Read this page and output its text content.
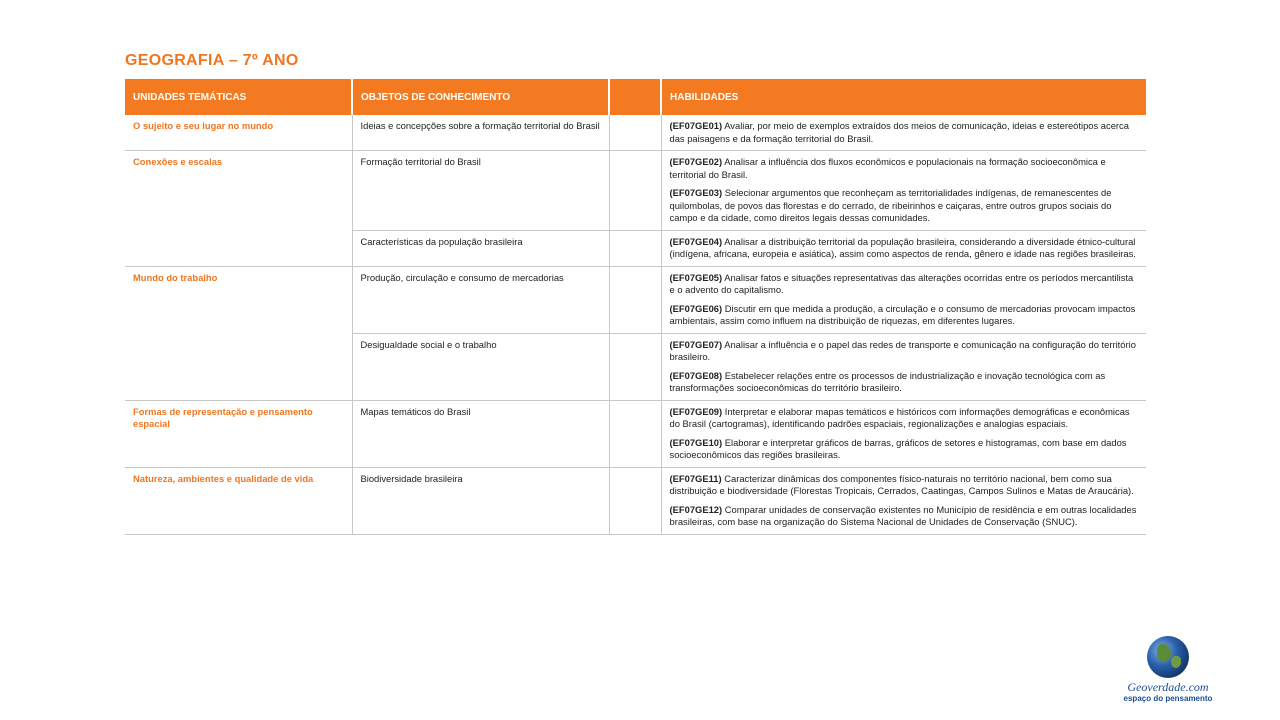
GEOGRAFIA – 7º ANO
UNIDADES TEMÁTICAS	OBJETOS DE CONHECIMENTO		HABILIDADES
O sujeito e seu lugar no mundo	Ideias e concepções sobre a formação territorial do Brasil		(EF07GE01) Avaliar, por meio de exemplos extraídos dos meios de comunicação, ideias e estereótipos acerca das paisagens e da formação territorial do Brasil.

Conexões e escalas	Formação territorial do Brasil		(EF07GE02) Analisar a influência dos fluxos econômicos e populacionais na formação socioeconômica e territorial do Brasil.
(EF07GE03) Selecionar argumentos que reconheçam as territorialidades indígenas, de remanescentes de quilombolas, de povos das florestas e do cerrado, de ribeirinhos e caiçaras, entre outros grupos sociais do campo e da cidade, como direitos legais dessas comunidades.

	Características da população brasileira		(EF07GE04) Analisar a distribuição territorial da população brasileira, considerando a diversidade étnico-cultural (indígena, africana, europeia e asiática), assim como aspectos de renda, gênero e idade nas regiões brasileiras.

Mundo do trabalho	Produção, circulação e consumo de mercadorias		(EF07GE05) Analisar fatos e situações representativas das alterações ocorridas entre os períodos mercantilista e o advento do capitalismo.
(EF07GE06) Discutir em que medida a produção, a circulação e o consumo de mercadorias provocam impactos ambientais, assim como influem na distribuição de riquezas, em diferentes lugares.

	Desigualdade social e o trabalho		(EF07GE07) Analisar a influência e o papel das redes de transporte e comunicação na configuração do território brasileiro.
(EF07GE08) Estabelecer relações entre os processos de industrialização e inovação tecnológica com as transformações socioeconômicas do território brasileiro.

Formas de representação e pensamento espacial	Mapas temáticos do Brasil		(EF07GE09) Interpretar e elaborar mapas temáticos e históricos com informações demográficas e econômicas do Brasil (cartogramas), identificando padrões espaciais, regionalizações e analogias espaciais.
(EF07GE10) Elaborar e interpretar gráficos de barras, gráficos de setores e histogramas, com base em dados socioeconômicos das regiões brasileiras.

Natureza, ambientes e qualidade de vida	Biodiversidade brasileira		(EF07GE11) Caracterizar dinâmicas dos componentes físico-naturais no território nacional, bem como sua distribuição e biodiversidade (Florestas Tropicais, Cerrados, Caatingas, Campos Sulinos e Matas de Araucária).
(EF07GE12) Comparar unidades de conservação existentes no Município de residência e em outras localidades brasileiras, com base na organização do Sistema Nacional de Unidades de Conservação (SNUC).
Geoverdade.com
espaço do pensamento
